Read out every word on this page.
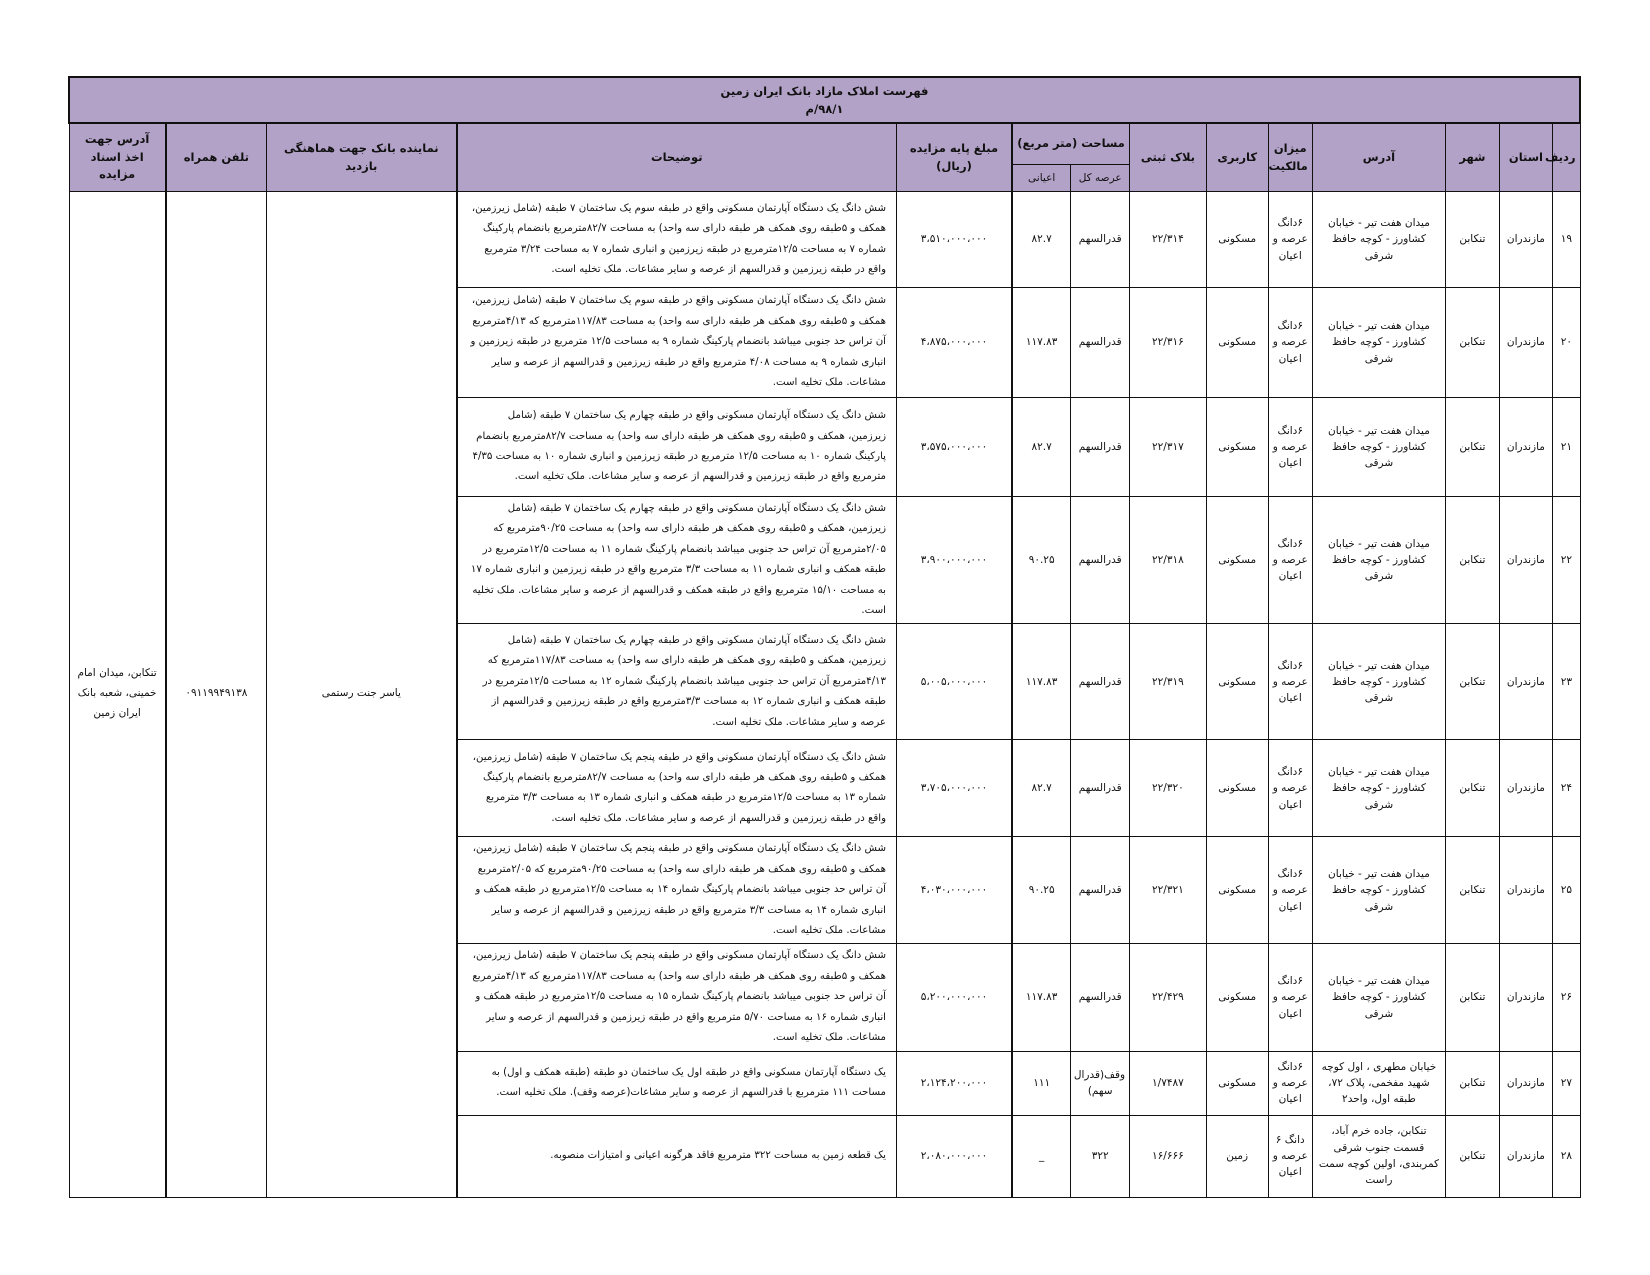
فهرست املاک مازاد بانک ایران زمین
۹۸/۱/م													

ردیف	استان	شهر	آدرس	میزان مالکیت	کاربری	بلاک ثبتی	مساحت (متر مربع)		مبلغ پایه مزایده (ریال)	توضیحات	نماینده بانک جهت هماهنگی بازدید	تلفن همراه	آدرس جهت اخذ اسناد مزایده
							عرصه کل	اعیانی					
۱۹	مازندران	تنکابن	میدان هفت تیر - خیابان کشاورز - کوچه حافظ شرقی	۶دانگ عرصه و اعیان	مسکونی	۲۲/۳۱۴	قدرالسهم	۸۲.۷	۳،۵۱۰،۰۰۰،۰۰۰	شش دانگ یک دستگاه آپارتمان مسکونی واقع در طبقه سوم یک ساختمان ۷ طبقه (شامل زیرزمین، همکف و ۵طبقه روی همکف هر طبقه دارای سه واحد) به مساحت ۸۲/۷مترمربع بانضمام پارکینگ شماره ۷ به مساحت ۱۲/۵مترمربع در طبقه زیرزمین و انباری شماره ۷ به مساحت ۳/۲۴ مترمربع واقع در طبقه زیرزمین و قدرالسهم از عرصه و سایر مشاعات. ملک تخلیه است.	یاسر جنت رستمی	۰۹۱۱۹۹۴۹۱۳۸	تنکابن، میدان امام خمینی، شعبه بانک ایران زمین
۲۰	مازندران	تنکابن	میدان هفت تیر - خیابان کشاورز - کوچه حافظ شرقی	۶دانگ عرصه و اعیان	مسکونی	۲۲/۳۱۶	قدرالسهم	۱۱۷.۸۳	۴،۸۷۵،۰۰۰،۰۰۰	شش دانگ یک دستگاه آپارتمان مسکونی واقع در طبقه سوم یک ساختمان ۷ طبقه (شامل زیرزمین، همکف و ۵طبقه روی همکف هر طبقه دارای سه واحد) به مساحت ۱۱۷/۸۳مترمربع که ۴/۱۳مترمربع آن تراس حد جنوبی میباشد بانضمام پارکینگ شماره ۹ به مساحت ۱۲/۵ مترمربع در طبقه زیرزمین و انباری شماره ۹ به مساحت ۴/۰۸ مترمربع واقع در طبقه زیرزمین و قدرالسهم از عرصه و سایر مشاعات. ملک تخلیه است.			
۲۱	مازندران	تنکابن	میدان هفت تیر - خیابان کشاورز - کوچه حافظ شرقی	۶دانگ عرصه و اعیان	مسکونی	۲۲/۳۱۷	قدرالسهم	۸۲.۷	۳،۵۷۵،۰۰۰،۰۰۰	شش دانگ یک دستگاه آپارتمان مسکونی واقع در طبقه چهارم یک ساختمان ۷ طبقه (شامل زیرزمین، همکف و ۵طبقه روی همکف هر طبقه دارای سه واحد) به مساحت ۸۲/۷مترمربع بانضمام پارکینگ شماره ۱۰ به مساحت ۱۲/۵ مترمربع در طبقه زیرزمین و انباری شماره ۱۰ به مساحت ۴/۳۵ مترمربع واقع در طبقه زیرزمین و قدرالسهم از عرصه و سایر مشاعات. ملک تخلیه است.			
۲۲	مازندران	تنکابن	میدان هفت تیر - خیابان کشاورز - کوچه حافظ شرقی	۶دانگ عرصه و اعیان	مسکونی	۲۲/۳۱۸	قدرالسهم	۹۰.۲۵	۳،۹۰۰،۰۰۰،۰۰۰	شش دانگ یک دستگاه آپارتمان مسکونی واقع در طبقه چهارم یک ساختمان ۷ طبقه (شامل زیرزمین، همکف و ۵طبقه روی همکف هر طبقه دارای سه واحد) به مساحت ۹۰/۲۵مترمربع که ۲/۰۵مترمربع آن تراس حد جنوبی میباشد بانضمام پارکینگ شماره ۱۱ به مساحت ۱۲/۵مترمربع در طبقه همکف و انباری شماره ۱۱ به مساحت ۳/۳ مترمربع واقع در طبقه زیرزمین و انباری شماره ۱۷ به مساحت ۱۵/۱۰ مترمربع واقع در طبقه همکف و قدرالسهم از عرصه و سایر مشاعات. ملک تخلیه است.			
۲۳	مازندران	تنکابن	میدان هفت تیر - خیابان کشاورز - کوچه حافظ شرقی	۶دانگ عرصه و اعیان	مسکونی	۲۲/۳۱۹	قدرالسهم	۱۱۷.۸۳	۵،۰۰۵،۰۰۰،۰۰۰	شش دانگ یک دستگاه آپارتمان مسکونی واقع در طبقه چهارم یک ساختمان ۷ طبقه (شامل زیرزمین، همکف و ۵طبقه روی همکف هر طبقه دارای سه واحد) به مساحت ۱۱۷/۸۳مترمربع که ۴/۱۳مترمربع آن تراس حد جنوبی میباشد بانضمام پارکینگ شماره ۱۲ به مساحت ۱۲/۵مترمربع در طبقه همکف و انباری شماره ۱۲ به مساحت ۳/۳مترمربع واقع در طبقه زیرزمین و قدرالسهم از عرصه و سایر مشاعات. ملک تخلیه است.			
۲۴	مازندران	تنکابن	میدان هفت تیر - خیابان کشاورز - کوچه حافظ شرقی	۶دانگ عرصه و اعیان	مسکونی	۲۲/۳۲۰	قدرالسهم	۸۲.۷	۳،۷۰۵،۰۰۰،۰۰۰	شش دانگ یک دستگاه آپارتمان مسکونی واقع در طبقه پنجم یک ساختمان ۷ طبقه (شامل زیرزمین، همکف و ۵طبقه روی همکف هر طبقه دارای سه واحد) به مساحت ۸۲/۷مترمربع بانضمام پارکینگ شماره ۱۳ به مساحت ۱۲/۵مترمربع در طبقه همکف و انباری شماره ۱۳ به مساحت ۳/۳ مترمربع واقع در طبقه زیرزمین و قدرالسهم از عرصه و سایر مشاعات. ملک تخلیه است.			
۲۵	مازندران	تنکابن	میدان هفت تیر - خیابان کشاورز - کوچه حافظ شرقی	۶دانگ عرصه و اعیان	مسکونی	۲۲/۳۲۱	قدرالسهم	۹۰.۲۵	۴،۰۳۰،۰۰۰،۰۰۰	شش دانگ یک دستگاه آپارتمان مسکونی واقع در طبقه پنجم یک ساختمان ۷ طبقه (شامل زیرزمین، همکف و ۵طبقه روی همکف هر طبقه دارای سه واحد) به مساحت ۹۰/۲۵مترمربع که ۲/۰۵مترمربع آن تراس حد جنوبی میباشد بانضمام پارکینگ شماره ۱۴ به مساحت ۱۲/۵مترمربع در طبقه همکف و انباری شماره ۱۴ به مساحت ۳/۳ مترمربع واقع در طبقه زیرزمین و قدرالسهم از عرصه و سایر مشاعات. ملک تخلیه است.			
۲۶	مازندران	تنکابن	میدان هفت تیر - خیابان کشاورز - کوچه حافظ شرقی	۶دانگ عرصه و اعیان	مسکونی	۲۲/۴۲۹	قدرالسهم	۱۱۷.۸۳	۵،۲۰۰،۰۰۰،۰۰۰	شش دانگ یک دستگاه آپارتمان مسکونی واقع در طبقه پنجم یک ساختمان ۷ طبقه (شامل زیرزمین، همکف و ۵طبقه روی همکف هر طبقه دارای سه واحد) به مساحت ۱۱۷/۸۳مترمربع که ۴/۱۳مترمربع آن تراس حد جنوبی میباشد بانضمام پارکینگ شماره ۱۵ به مساحت ۱۲/۵مترمربع در طبقه همکف و انباری شماره ۱۶ به مساحت ۵/۷۰ مترمربع واقع در طبقه زیرزمین و قدرالسهم از عرصه و سایر مشاعات. ملک تخلیه است.			
۲۷	مازندران	تنکابن	خیابان مطهری ، اول کوچه شهید مفخمی، پلاک ۷۲، طبقه اول، واحد۲	۶دانگ عرصه و اعیان	مسکونی	۱/۷۴۸۷	وقف(قدرال سهم)	۱۱۱	۲،۱۲۴،۲۰۰،۰۰۰	یک دستگاه آپارتمان مسکونی واقع در طبقه اول یک ساختمان دو طبقه (طبقه همکف و اول) به مساحت ۱۱۱ مترمربع با قدرالسهم از عرصه و سایر مشاعات(عرصه وقف). ملک تخلیه است.			
۲۸	مازندران	تنکابن	تنکابن، جاده خرم آباد، قسمت جنوب شرقی کمربندی، اولین کوچه سمت راست	دانگ ۶ عرصه و اعیان	زمین	۱۶/۶۶۶	۳۲۲	_	۲،۰۸۰،۰۰۰،۰۰۰	یک قطعه زمین به مساحت ۳۲۲ مترمربع فاقد هرگونه اعیانی و امتیازات منصوبه.			
